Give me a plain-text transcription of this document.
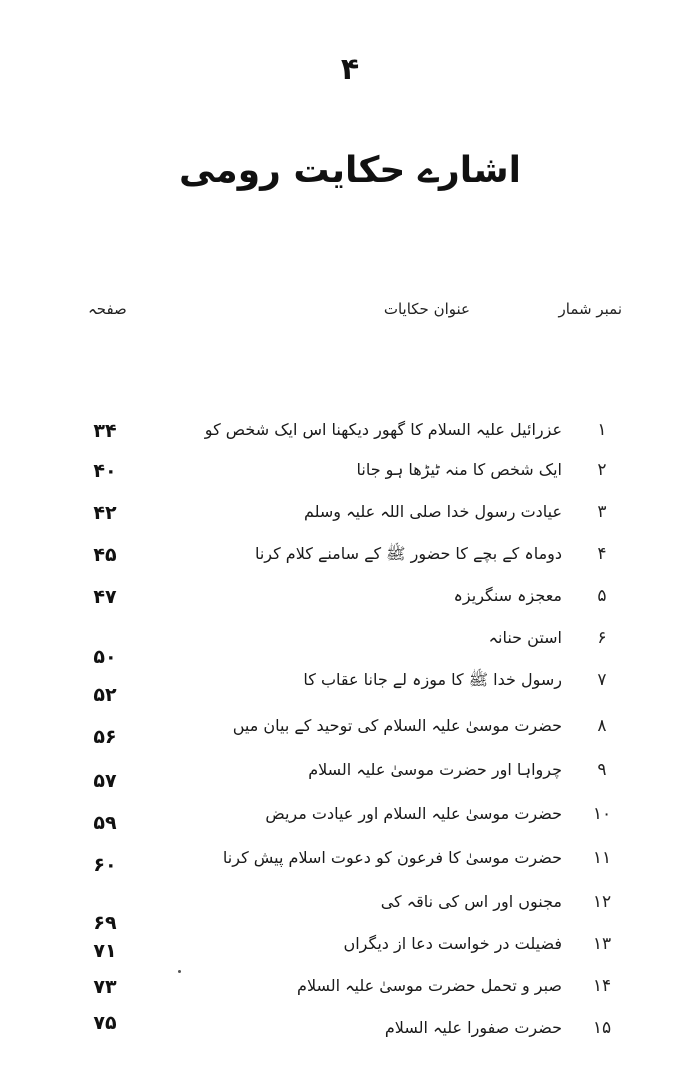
۴
اشارے حکایت رومی
نمبر شمار
عنوان حکایات
صفحہ
۱
عزرائیل علیہ السلام کا گھور دیکھنا اس ایک شخص کو
۳۴
۲
ایک شخص کا منہ ٹیڑھا ہو جانا
۴۰
۳
عیادت رسول خدا صلی اللہ علیہ وسلم
۴۲
۴
دوماہ کے بچے کا حضور ﷺ کے سامنے کلام کرنا
۴۵
۵
معجزہ سنگریزہ
۴۷
۶
استن حنانہ
۵۰
۷
رسول خدا ﷺ کا موزہ لے جانا عقاب کا
۵۲
۸
حضرت موسیٰ علیہ السلام کی توحید کے بیان میں
۵۶
۹
چرواہا اور حضرت موسیٰ علیہ السلام
۵۷
۱۰
حضرت موسیٰ علیہ السلام اور عیادت مریض
۵۹
۱۱
حضرت موسیٰ کا فرعون کو دعوت اسلام پیش کرنا
۶۰
۱۲
مجنوں اور اس کی ناقہ کی
۶۹
۱۳
فضیلت در خواست دعا از دیگراں
۷۱
۱۴
صبر و تحمل حضرت موسیٰ علیہ السلام
۷۳
۱۵
حضرت صفورا علیہ السلام
۷۵
